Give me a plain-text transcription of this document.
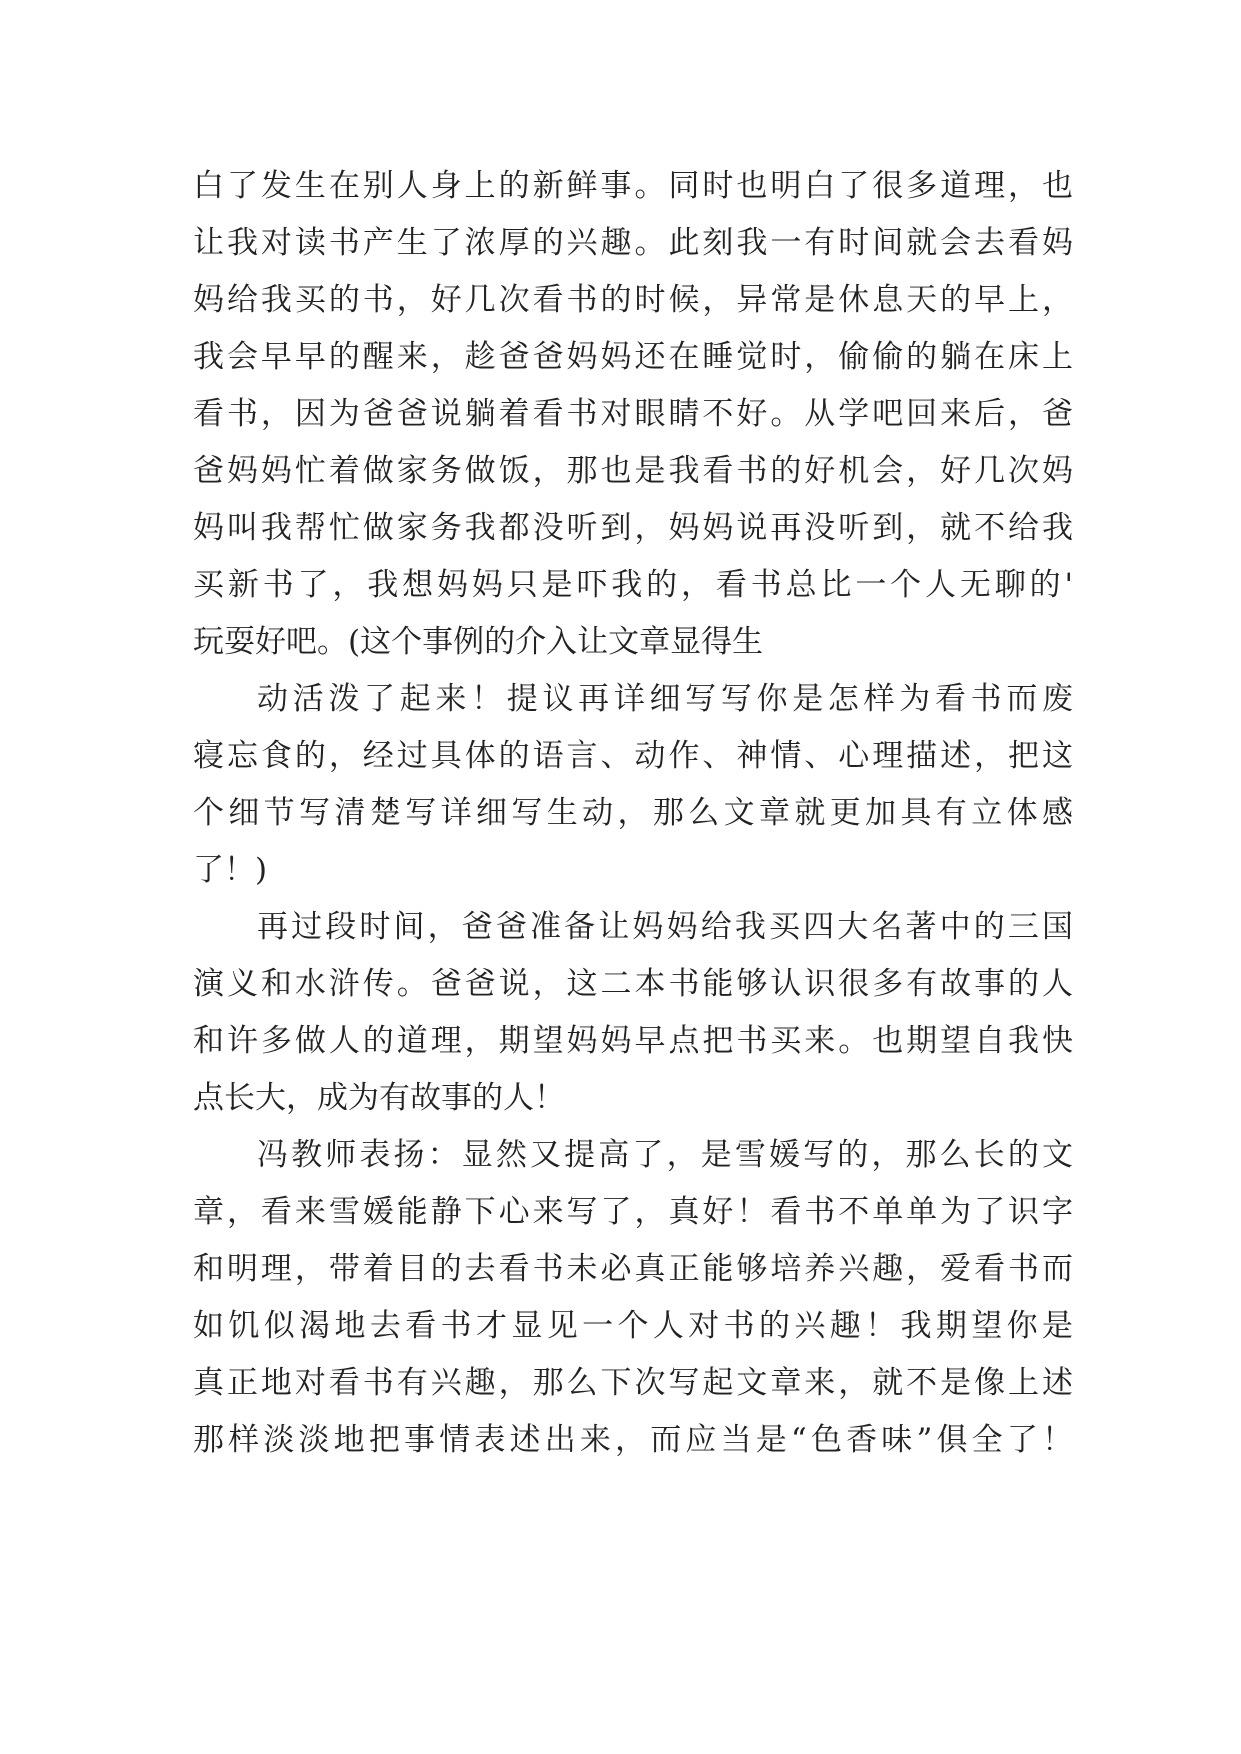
白了发生在别人身上的新鲜事。同时也明白了很多道理，也
让我对读书产生了浓厚的兴趣。此刻我一有时间就会去看妈
妈给我买的书，好几次看书的时候，异常是休息天的早上，
我会早早的醒来，趁爸爸妈妈还在睡觉时，偷偷的躺在床上
看书，因为爸爸说躺着看书对眼睛不好。从学吧回来后，爸
爸妈妈忙着做家务做饭，那也是我看书的好机会，好几次妈
妈叫我帮忙做家务我都没听到，妈妈说再没听到，就不给我
买新书了，我想妈妈只是吓我的，看书总比一个人无聊的'
玩耍好吧。(这个事例的介入让文章显得生
动活泼了起来！提议再详细写写你是怎样为看书而废
寝忘食的，经过具体的语言、动作、神情、心理描述，把这
个细节写清楚写详细写生动，那么文章就更加具有立体感
了！)
再过段时间，爸爸准备让妈妈给我买四大名著中的三国
演义和水浒传。爸爸说，这二本书能够认识很多有故事的人
和许多做人的道理，期望妈妈早点把书买来。也期望自我快
点长大，成为有故事的人！
冯教师表扬：显然又提高了，是雪媛写的，那么长的文
章，看来雪媛能静下心来写了，真好！看书不单单为了识字
和明理，带着目的去看书未必真正能够培养兴趣，爱看书而
如饥似渴地去看书才显见一个人对书的兴趣！我期望你是
真正地对看书有兴趣，那么下次写起文章来，就不是像上述
那样淡淡地把事情表述出来，而应当是“色香味”俱全了！
